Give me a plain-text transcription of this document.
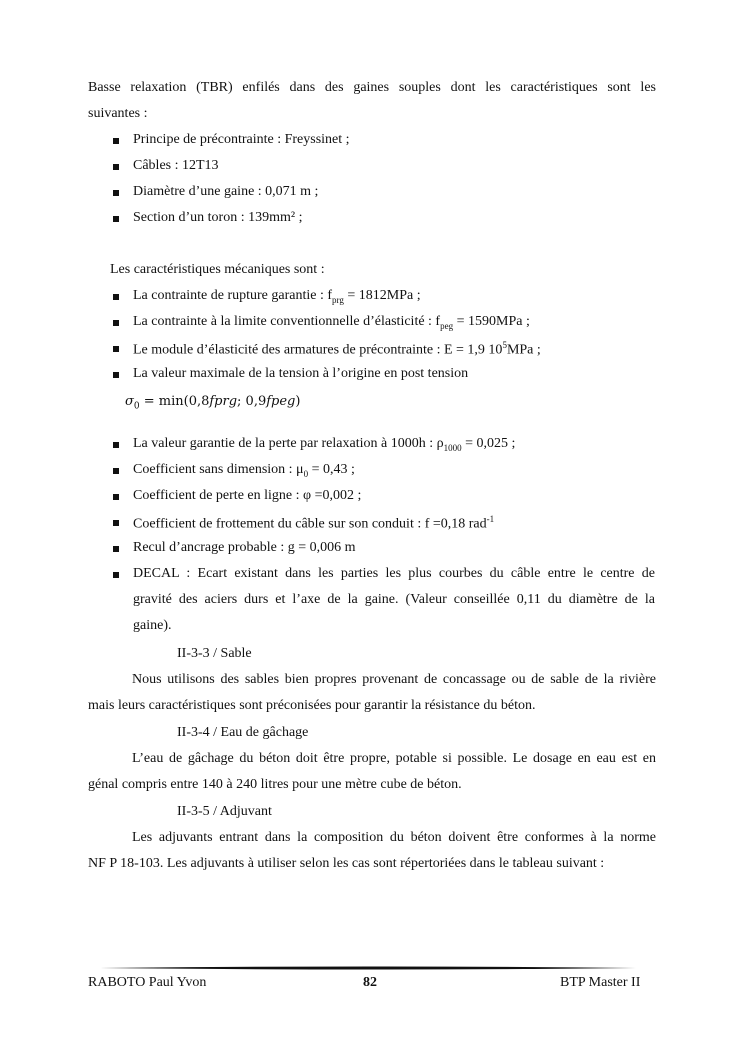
Basse relaxation (TBR) enfilés dans des gaines souples dont les caractéristiques sont les
suivantes :
Principe de précontrainte : Freyssinet ;
Câbles : 12T13
Diamètre d’une gaine : 0,071 m ;
Section d’un toron : 139mm² ;
Les caractéristiques mécaniques sont :
La contrainte de rupture garantie : $f_{prg} = 1812MPa$ ;
La contrainte à la limite conventionnelle d’élasticité : $f_{peg} = 1590MPa$ ;
Le module d’élasticité des armatures de précontrainte : E = 1,9 $10^5MPa$ ;
La valeur maximale de la tension à l’origine en post tension
$\sigma_0$ = min(0,8𝑓𝑝𝑟𝑔; 0,9𝑓𝑝𝑒𝑔)
La valeur garantie de la perte par relaxation à 1000h : $\rho_{1000} = 0,025$ ;
Coefficient sans dimension : $\mu_0 = 0,43$ ;
Coefficient de perte en ligne : φ =0,002 ;
Coefficient de frottement du câble sur son conduit : f =0,18 rad$^{-1}$
Recul d’ancrage probable : g = 0,006 m
DECAL : Ecart existant dans les parties les plus courbes du câble entre le centre de
gravité des aciers durs et l’axe de la gaine. (Valeur conseillée 0,11 du diamètre de la
gaine).
II-3-3 / Sable
Nous utilisons des sables bien propres provenant de concassage ou de sable de la rivière
mais leurs caractéristiques sont préconisées pour garantir la résistance du béton.
II-3-4 / Eau de gâchage
L’eau de gâchage du béton doit être propre, potable si possible. Le dosage en eau est en
génal compris entre 140 à 240 litres pour une mètre cube de béton.
II-3-5 / Adjuvant
Les adjuvants entrant dans la composition du béton doivent être conformes à la norme
NF P 18-103. Les adjuvants à utiliser selon les cas sont répertoriées dans le tableau suivant :
RABOTO Paul Yvon	82	BTP Master II
